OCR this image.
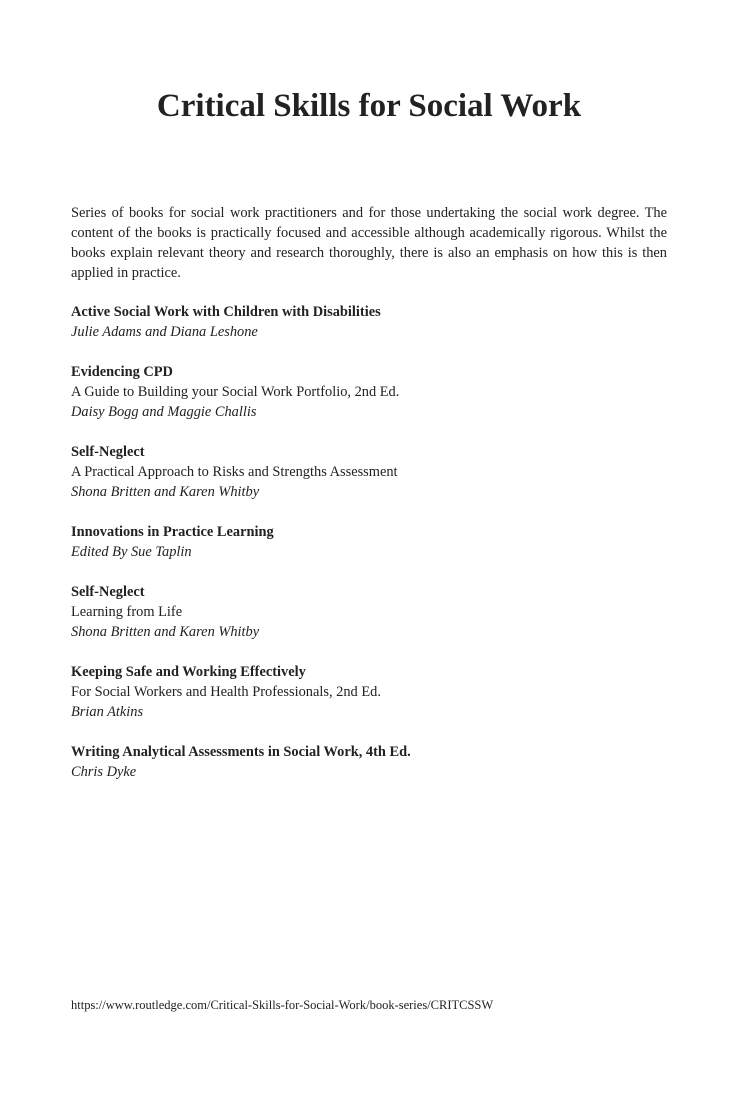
Critical Skills for Social Work

Series of books for social work practitioners and for those undertaking the social work degree. The content of the books is practically focused and accessible although academically rigorous. Whilst the books explain relevant theory and research thoroughly, there is also an emphasis on how this is then applied in practice.

Active Social Work with Children with Disabilities
Julie Adams and Diana Leshone
Evidencing CPD
A Guide to Building your Social Work Portfolio, 2nd Ed.
Daisy Bogg and Maggie Challis
Self-Neglect
A Practical Approach to Risks and Strengths Assessment
Shona Britten and Karen Whitby
Innovations in Practice Learning
Edited By Sue Taplin
Self-Neglect
Learning from Life
Shona Britten and Karen Whitby
Keeping Safe and Working Effectively
For Social Workers and Health Professionals, 2nd Ed.
Brian Atkins
Writing Analytical Assessments in Social Work, 4th Ed.
Chris Dyke

https://www.routledge.com/Critical-Skills-for-Social-Work/book-series/CRITCSSW
